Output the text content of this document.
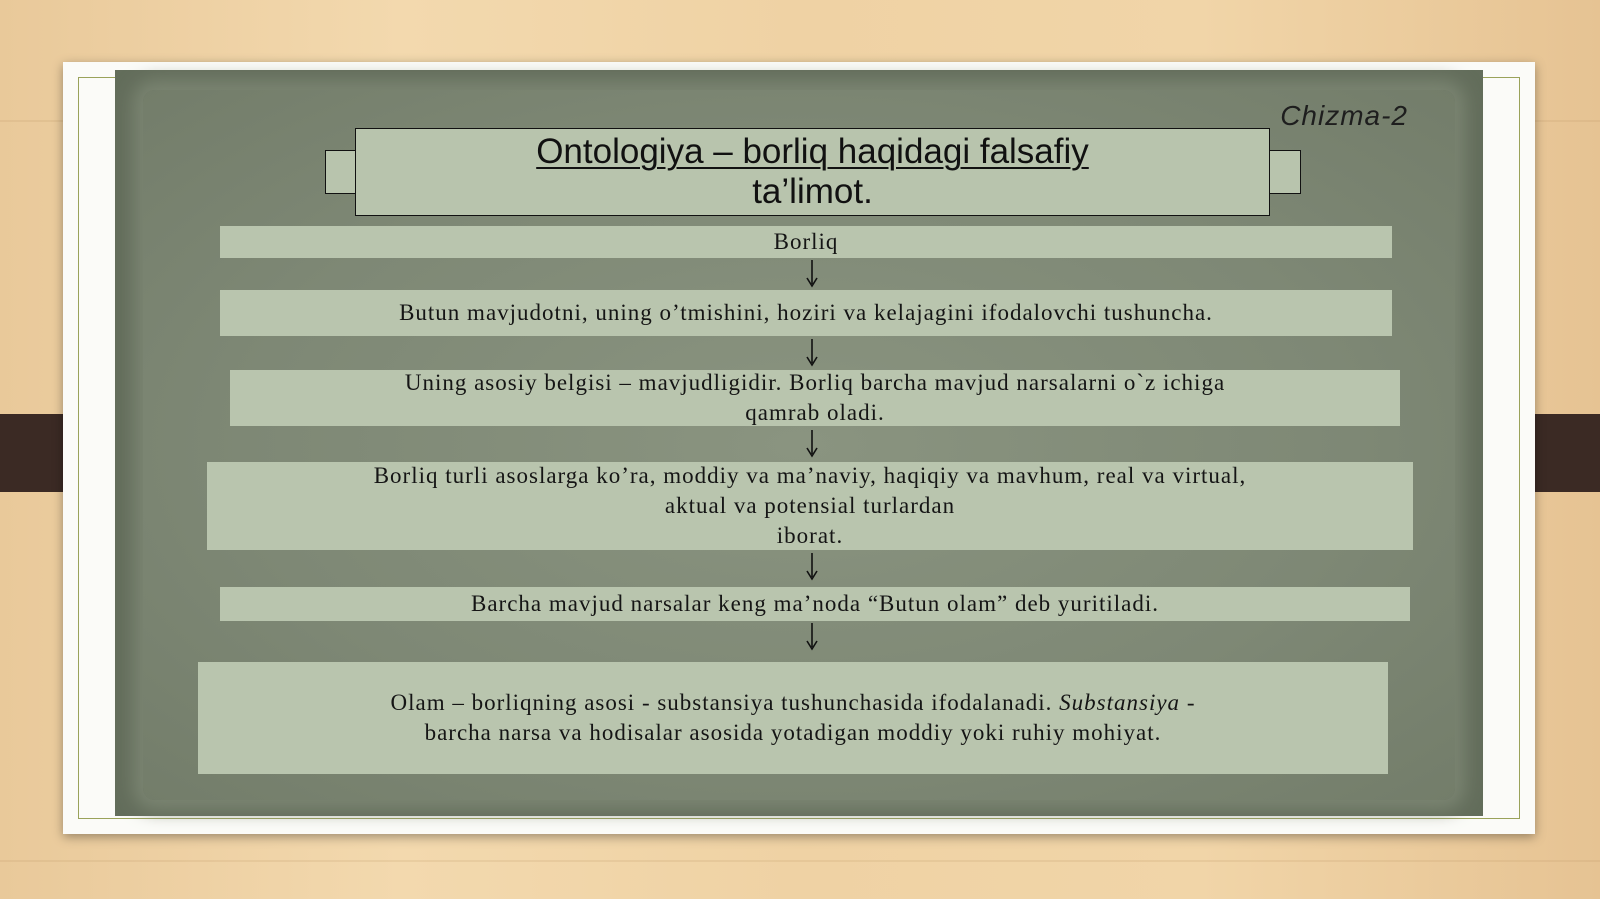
Chizma-2
Ontologiya – borliq haqidagi falsafiy
ta’limot.
Borliq
Butun mavjudotni, uning o’tmishini, hoziri va kelajagini ifodalovchi tushuncha.
Uning asosiy belgisi – mavjudligidir. Borliq barcha mavjud narsalarni o`z ichiga
qamrab oladi.
Borliq turli asoslarga ko’ra, moddiy va ma’naviy, haqiqiy va mavhum, real va virtual,
aktual va potensial turlardan
iborat.
Barcha mavjud narsalar keng ma’noda “Butun olam” deb yuritiladi.
Olam – borliqning asosi - substansiya tushunchasida ifodalanadi. Substansiya -
barcha narsa va hodisalar asosida yotadigan moddiy yoki ruhiy mohiyat.
